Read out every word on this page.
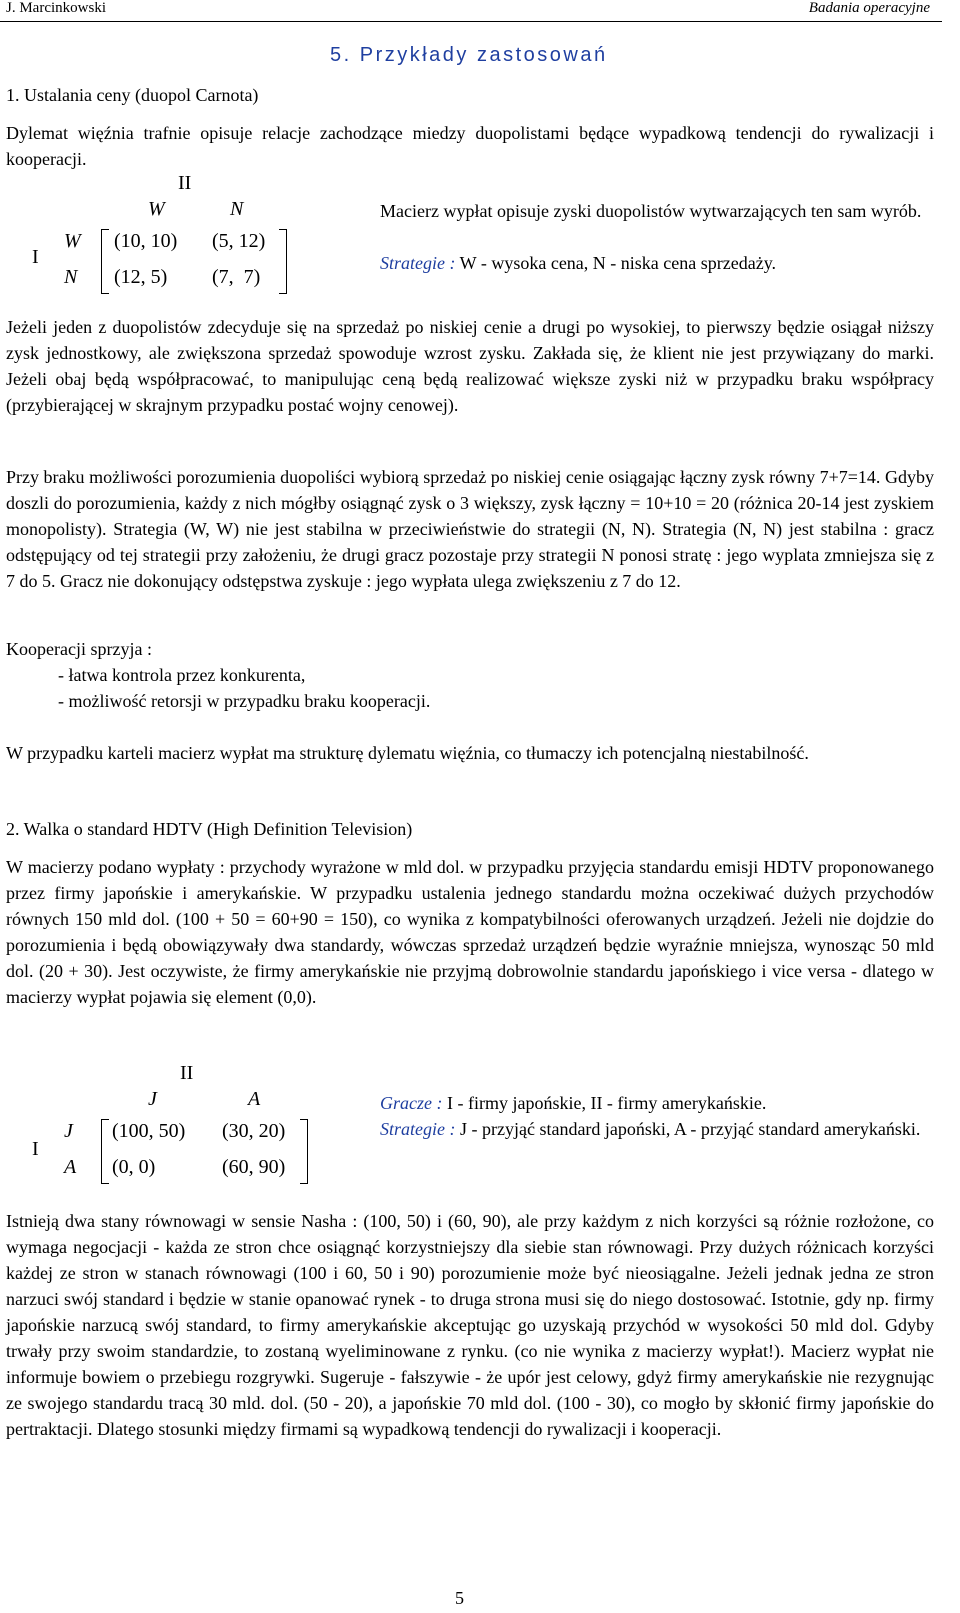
J. Marcinkowski	Badania operacyjne
5. Przykłady zastosowań
1. Ustalania ceny (duopol Carnota)
Dylemat więźnia trafnie opisuje relacje zachodzące miedzy duopolistami będące wypadkową tendencji do rywalizacji i kooperacji.
II
W	N
I
W
N
(10, 10) (5, 12)
(12, 5) (7,  7)
Macierz wypłat opisuje zyski duopolistów wytwarzających ten sam wyrób.
Strategie : W - wysoka cena, N - niska cena sprzedaży.
Jeżeli jeden z duopolistów zdecyduje się na sprzedaż po niskiej cenie a drugi po wysokiej, to pierwszy będzie osiągał niższy zysk jednostkowy, ale zwiększona sprzedaż spowoduje wzrost zysku. Zakłada się, że klient nie jest przywiązany do marki. Jeżeli obaj będą współpracować, to manipulując ceną będą realizować większe zyski niż w przypadku braku współpracy (przybierającej w skrajnym przypadku postać wojny cenowej).
Przy braku możliwości porozumienia duopoliści wybiorą sprzedaż po niskiej cenie osiągając łączny zysk równy 7+7=14. Gdyby doszli do porozumienia, każdy z nich mógłby osiągnąć zysk o 3 większy, zysk łączny = 10+10 = 20 (różnica 20-14 jest zyskiem monopolisty). Strategia (W, W) nie jest stabilna w przeciwieństwie do strategii (N, N). Strategia (N, N) jest stabilna : gracz odstępujący od tej strategii przy założeniu, że drugi gracz pozostaje przy strategii N ponosi stratę : jego wyplata zmniejsza się z 7 do 5. Gracz nie dokonujący odstępstwa zyskuje : jego wypłata ulega zwiększeniu z 7 do 12.
Kooperacji sprzyja :
- łatwa kontrola przez konkurenta,
- możliwość retorsji w przypadku braku kooperacji.
W przypadku karteli macierz wypłat ma strukturę dylematu więźnia, co tłumaczy ich potencjalną niestabilność.
2. Walka o standard HDTV (High Definition Television)
W macierzy podano wypłaty : przychody wyrażone w mld dol. w przypadku przyjęcia standardu emisji HDTV proponowanego przez firmy japońskie i amerykańskie. W przypadku ustalenia jednego standardu można oczekiwać dużych przychodów równych 150 mld dol. (100 + 50 = 60+90 = 150), co wynika z kompatybilności oferowanych urządzeń. Jeżeli nie dojdzie do porozumienia i będą obowiązywały dwa standardy, wówczas sprzedaż urządzeń będzie wyraźnie mniejsza, wynosząc 50 mld dol. (20 + 30). Jest oczywiste, że firmy amerykańskie nie przyjmą dobrowolnie standardu japońskiego i vice versa - dlatego w macierzy wypłat pojawia się element (0,0).
II
J	A
I
J
A
(100, 50) (30, 20)
(0, 0)	(60, 90)
Gracze : I - firmy japońskie, II - firmy amerykańskie.
Strategie : J - przyjąć standard japoński, A - przyjąć standard amerykański.
Istnieją dwa stany równowagi w sensie Nasha : (100, 50) i (60, 90), ale przy każdym z nich korzyści są różnie rozłożone, co wymaga negocjacji - każda ze stron chce osiągnąć korzystniejszy dla siebie stan równowagi. Przy dużych różnicach korzyści każdej ze stron w stanach równowagi (100 i 60, 50 i 90) porozumienie może być nieosiągalne. Jeżeli jednak jedna ze stron narzuci swój standard i będzie w stanie opanować rynek - to druga strona musi się do niego dostosować. Istotnie, gdy np. firmy japońskie narzucą swój standard, to firmy amerykańskie akceptując go uzyskają przychód w wysokości 50 mld dol. Gdyby trwały przy swoim standardzie, to zostaną wyeliminowane z rynku. (co nie wynika z macierzy wypłat!). Macierz wypłat nie informuje bowiem o przebiegu rozgrywki. Sugeruje - fałszywie - że upór jest celowy, gdyż firmy amerykańskie nie rezygnując ze swojego standardu tracą 30 mld. dol. (50 - 20), a japońskie 70 mld dol. (100 - 30), co mogło by skłonić firmy japońskie do pertraktacji. Dlatego stosunki między firmami są wypadkową tendencji do rywalizacji i kooperacji.
5
